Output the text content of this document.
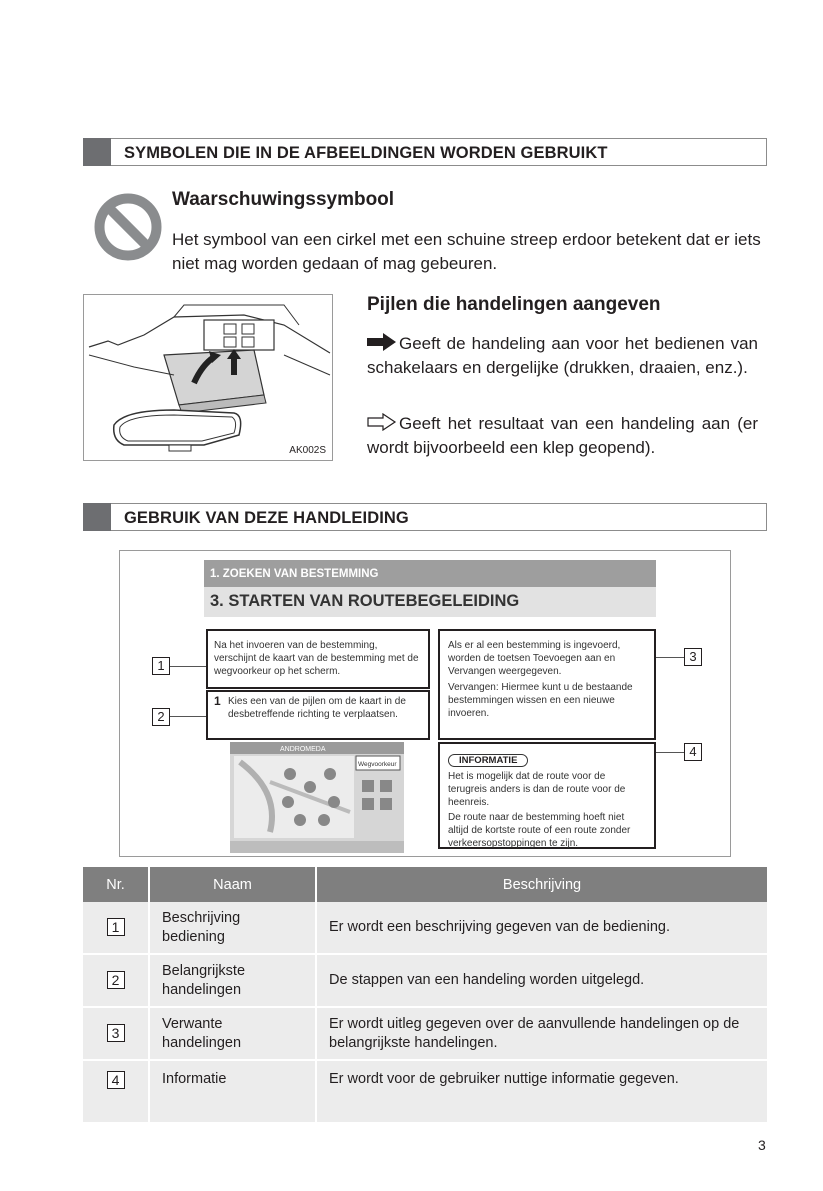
SYMBOLEN DIE IN DE AFBEELDINGEN WORDEN GEBRUIKT
Waarschuwingssymbool
Het symbool van een cirkel met een schuine streep erdoor betekent dat er iets niet mag worden gedaan of mag gebeuren.
AK002S
Pijlen die handelingen aangeven
Geeft de handeling aan voor het bedienen van schakelaars en dergelijke (drukken, draaien, enz.).
Geeft het resultaat van een handeling aan (er wordt bijvoorbeeld een klep geopend).
GEBRUIK VAN DEZE HANDLEIDING
1. ZOEKEN VAN BESTEMMING
3. STARTEN VAN ROUTEBEGELEIDING
Na het invoeren van de bestemming, verschijnt de kaart van de bestemming met de wegvoorkeur op het scherm.
1 Kies een van de pijlen om de kaart in de desbetreffende richting te verplaatsen.
ANDROMEDA
Wegvoorkeur
Als er al een bestemming is ingevoerd, worden de toetsen Toevoegen aan en Vervangen weergegeven.
Vervangen: Hiermee kunt u de bestaande bestemmingen wissen en een nieuwe invoeren.
INFORMATIE
Het is mogelijk dat de route voor de terugreis anders is dan de route voor de heenreis.
De route naar de bestemming hoeft niet altijd de kortste route of een route zonder verkeersopstoppingen te zijn.
1
2
3
4
Nr.	Naam	Beschrijving
1	Beschrijving bediening	Er wordt een beschrijving gegeven van de bediening.
2	Belangrijkste handelingen	De stappen van een handeling worden uitgelegd.
3	Verwante handelingen	Er wordt uitleg gegeven over de aanvullende handelingen op de belangrijkste handelingen.
4	Informatie	Er wordt voor de gebruiker nuttige informatie gegeven.
3
